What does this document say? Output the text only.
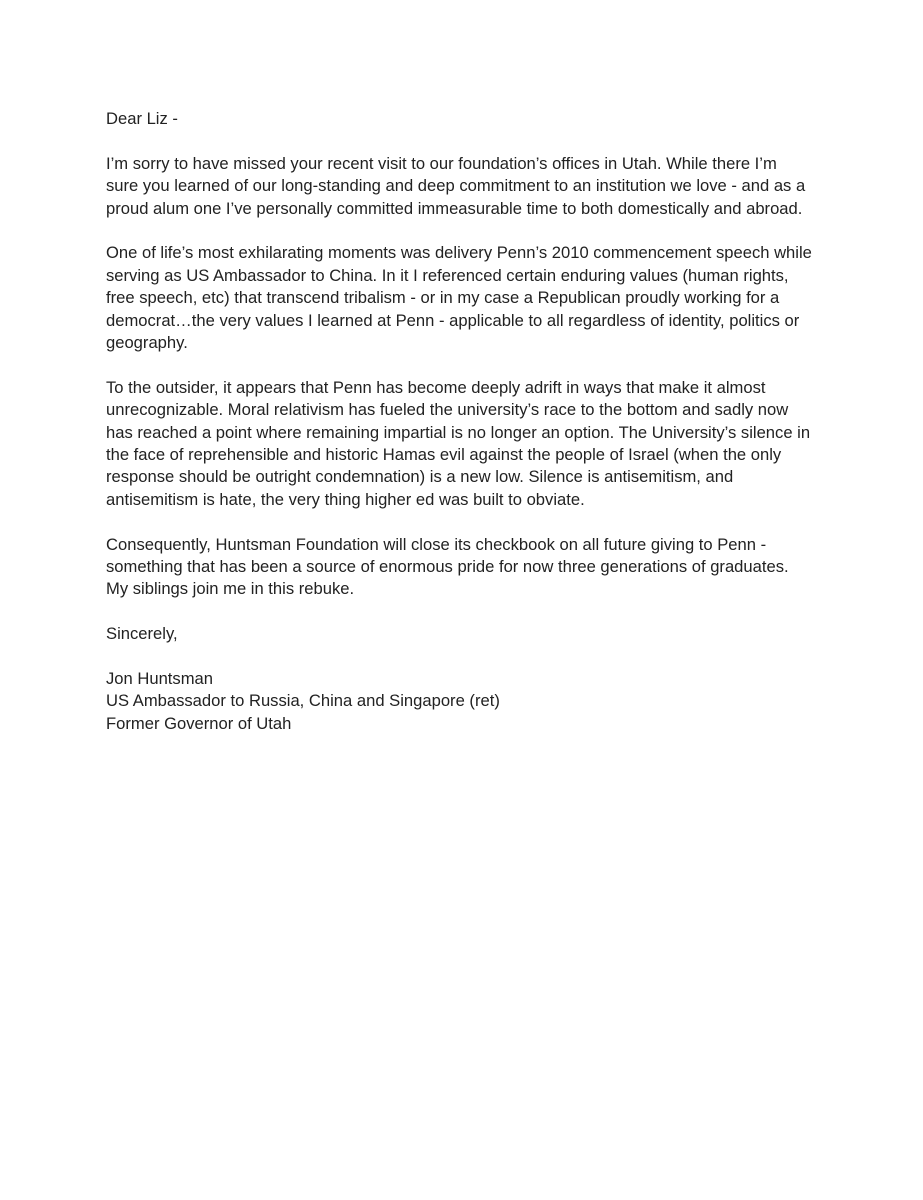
Dear Liz -

I’m sorry to have missed your recent visit to our foundation’s offices in Utah. While there I’m
sure you learned of our long-standing and deep commitment to an institution we love - and as a
proud alum one I’ve personally committed immeasurable time to both domestically and abroad.

One of life’s most exhilarating moments was delivery Penn’s 2010 commencement speech while
serving as US Ambassador to China. In it I referenced certain enduring values (human rights,
free speech, etc) that transcend tribalism - or in my case a Republican proudly working for a
democrat…the very values I learned at Penn - applicable to all regardless of identity, politics or
geography.

To the outsider, it appears that Penn has become deeply adrift in ways that make it almost
unrecognizable. Moral relativism has fueled the university’s race to the bottom and sadly now
has reached a point where remaining impartial is no longer an option. The University’s silence in
the face of reprehensible and historic Hamas evil against the people of Israel (when the only
response should be outright condemnation) is a new low. Silence is antisemitism, and
antisemitism is hate, the very thing higher ed was built to obviate.

Consequently, Huntsman Foundation will close its checkbook on all future giving to Penn -
something that has been a source of enormous pride for now three generations of graduates.
My siblings join me in this rebuke.

Sincerely,

Jon Huntsman
US Ambassador to Russia, China and Singapore (ret)
Former Governor of Utah
